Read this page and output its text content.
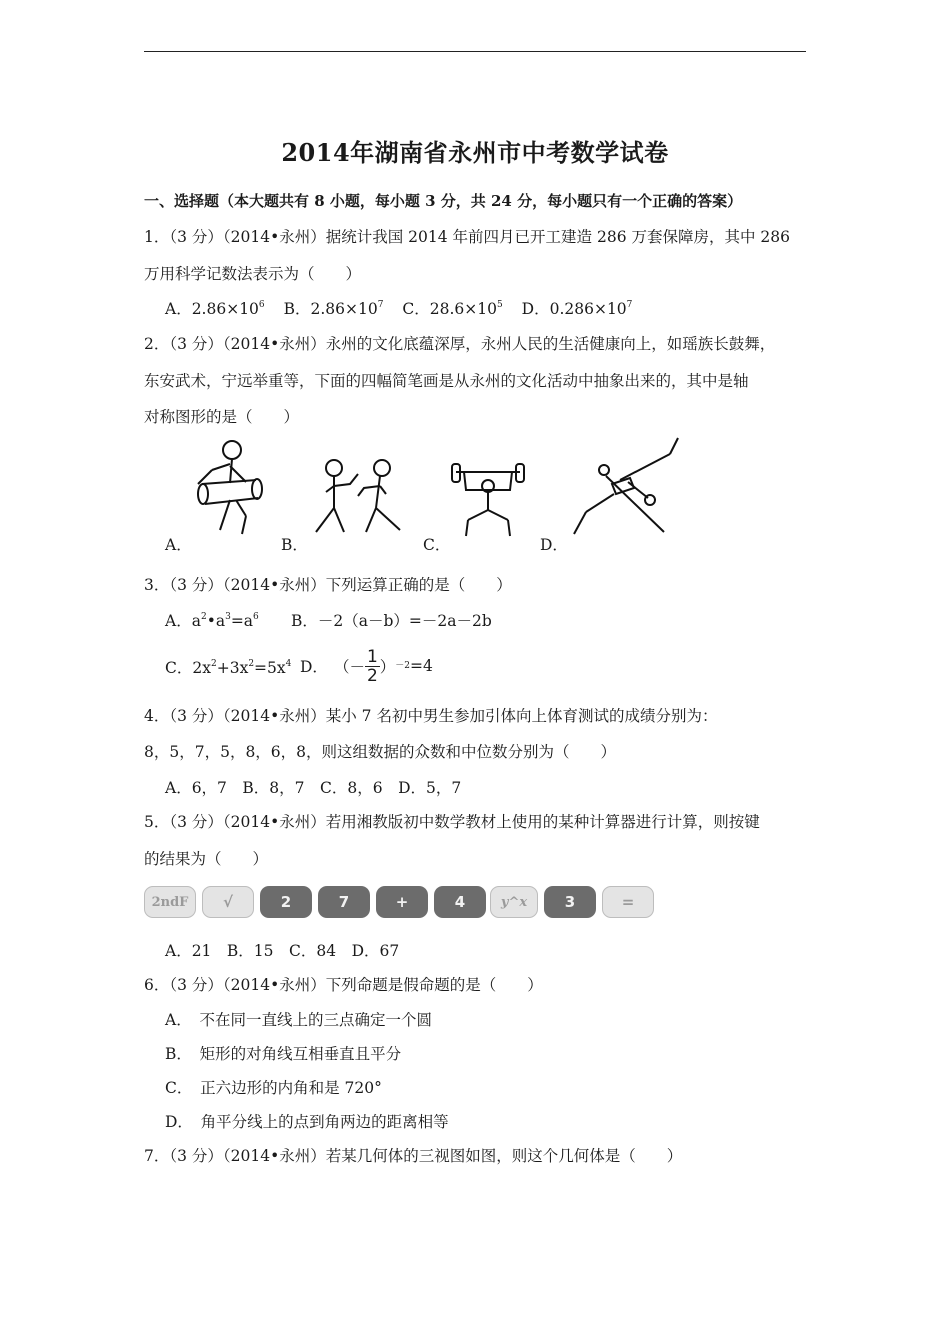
2014年湖南省永州市中考数学试卷
一、选择题（本大题共有 8 小题，每小题 3 分，共 24 分，每小题只有一个正确的答案）
1．（3 分）（2014•永州）据统计我国 2014 年前四月已开工建造 286 万套保障房，其中 286
万用科学记数法表示为（　　）
A．$2.86\times 10^6$ B．$2.86\times 10^7$ C．$28.6\times 10^5$ D．$0.286\times 10^7$
2．（3 分）（2014•永州）永州的文化底蕴深厚，永州人民的生活健康向上，如瑶族长鼓舞，
东安武术，宁远举重等，下面的四幅简笔画是从永州的文化活动中抽象出来的，其中是轴
对称图形的是（　　）
A．	B．	C．	D．
3．（3 分）（2014•永州）下列运算正确的是（　　）
A．$a^2•a^3=a^6$ B．－2（a－b）=－2a－2b
C．$2x^2+3x^2=5x^4$ D． （－ $\frac{1}{2}$ ） －2 =4
4．（3 分）（2014•永州）某小 7 名初中男生参加引体向上体育测试的成绩分别为：
8，5，7，5，8，6，8，则这组数据的众数和中位数分别为（　　）
A．6，7　B．8，7　C．8，6　D．5，7
5．（3 分）（2014•永州）若用湘教版初中数学教材上使用的某种计算器进行计算，则按键
的结果为（　　）
2ndF	√	2	7	+	4	y^x	3	=
A．21　B．15　C．84　D．67
6．（3 分）（2014•永州）下列命题是假命题的是（　　）
A．　不在同一直线上的三点确定一个圆
B．　矩形的对角线互相垂直且平分
C．　正六边形的内角和是 720°
D．　角平分线上的点到角两边的距离相等
7．（3 分）（2014•永州）若某几何体的三视图如图，则这个几何体是（　　）
